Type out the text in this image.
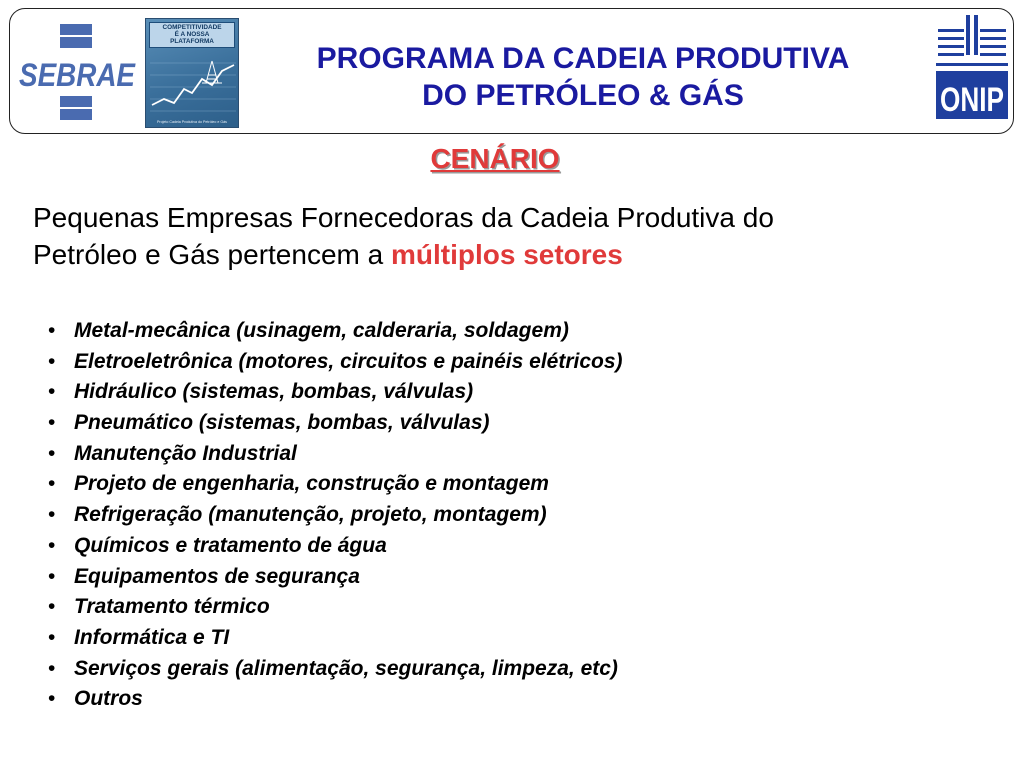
SEBRAE
COMPETITIVIDADE
É A NOSSA
PLATAFORMA
Projeto Cadeia Produtiva do Petróleo e Gás
PROGRAMA DA CADEIA PRODUTIVA
DO PETRÓLEO & GÁS	ONIP
CENÁRIO
Pequenas Empresas Fornecedoras da Cadeia Produtiva do
Petróleo e Gás pertencem a múltiplos setores
• Metal-mecânica (usinagem, calderaria, soldagem)
• Eletroeletrônica (motores, circuitos e painéis elétricos)
• Hidráulico (sistemas, bombas, válvulas)
• Pneumático (sistemas, bombas, válvulas)
• Manutenção Industrial
• Projeto de engenharia, construção e montagem
• Refrigeração (manutenção, projeto, montagem)
• Químicos e tratamento de água
• Equipamentos de segurança
• Tratamento térmico
• Informática e TI
• Serviços gerais (alimentação, segurança, limpeza, etc)
• Outros
